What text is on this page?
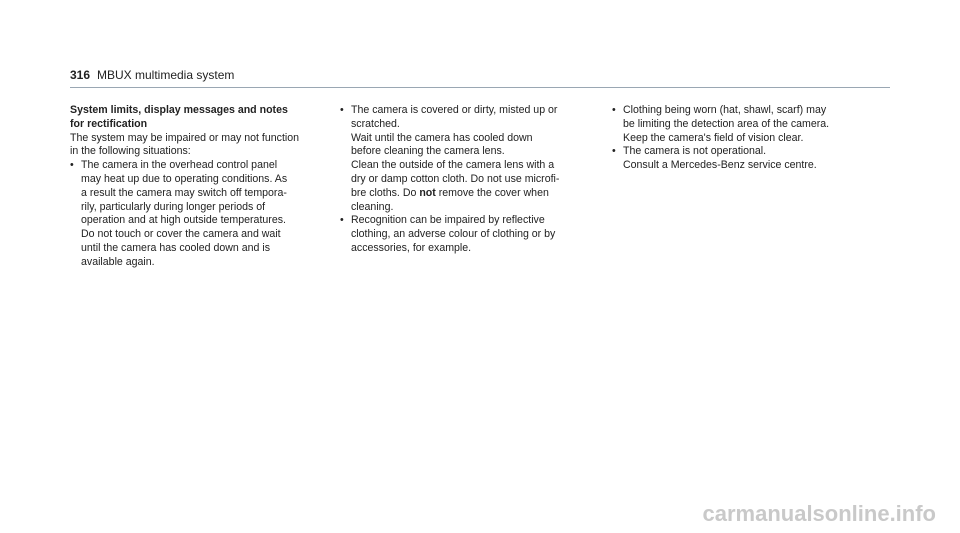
316 MBUX multimedia system

System limits, display messages and notes
for rectification

The system may be impaired or may not function
in the following situations:

• The camera in the overhead control panel
may heat up due to operating conditions. As
a result the camera may switch off tempora-
rily, particularly during longer periods of
operation and at high outside temperatures.

Do not touch or cover the camera and wait
until the camera has cooled down and is
available again.

• The camera is covered or dirty, misted up or
scratched.

Wait until the camera has cooled down
before cleaning the camera lens.
Clean the outside of the camera lens with a
dry or damp cotton cloth. Do not use microfi-
bre cloths. Do not remove the cover when
cleaning.

• Recognition can be impaired by reflective
clothing, an adverse colour of clothing or by
accessories, for example.
• Clothing being worn (hat, shawl, scarf) may
be limiting the detection area of the camera.

Keep the camera's field of vision clear.

• The camera is not operational.

Consult a Mercedes-Benz service centre.

carmanualsonline.info
